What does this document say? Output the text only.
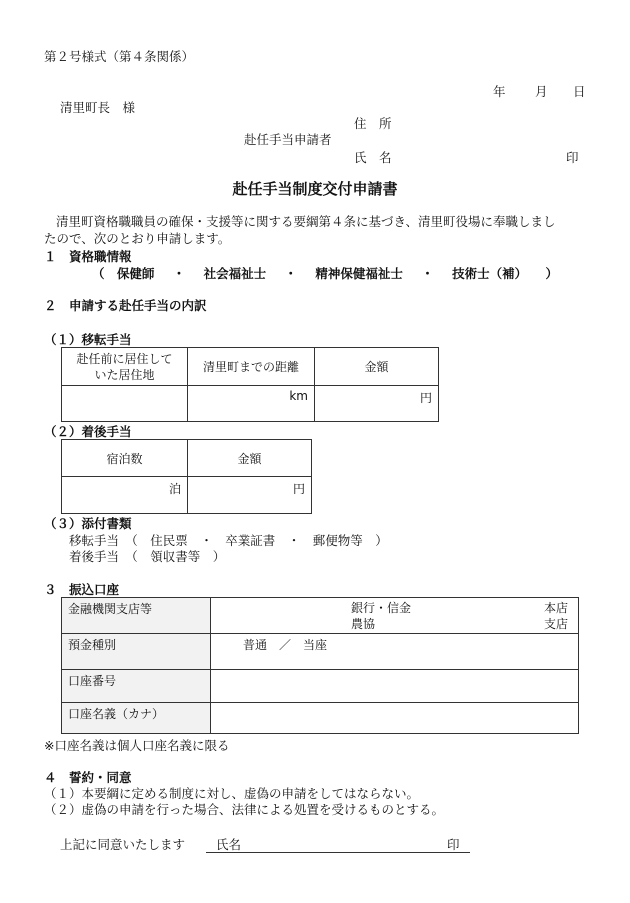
第２号様式（第４条関係）
年 月 日
清里町長　様
住　所
赴任手当申請者
氏　名	印
赴任手当制度交付申請書
清里町資格職職員の確保・支援等に関する要綱第４条に基づき、清里町役場に奉職しまし
たので、次のとおり申請します。
１　資格職情報
（ 保健師 ・ 社会福祉士 ・ 精神保健福祉士 ・ 技術士（補） ）
２　申請する赴任手当の内訳
（１）移転手当
赴任前に居住して
いた居住地	清里町までの距離	金額
	km	円
（２）着後手当
宿泊数	金額
泊	円
（３）添付書類
移転手当　（　住民票　・　卒業証書　・　郵便物等　）
着後手当　（　領収書等　）
３　振込口座
金融機関支店等	銀行・信金
農協
本店
支店

預金種別	普通　／　当座
口座番号	
口座名義（カナ）	
※口座名義は個人口座名義に限る
４　誓約・同意
（１）本要綱に定める制度に対し、虚偽の申請をしてはならない。
（２）虚偽の申請を行った場合、法律による処置を受けるものとする。
上記に同意いたします 氏名	印
